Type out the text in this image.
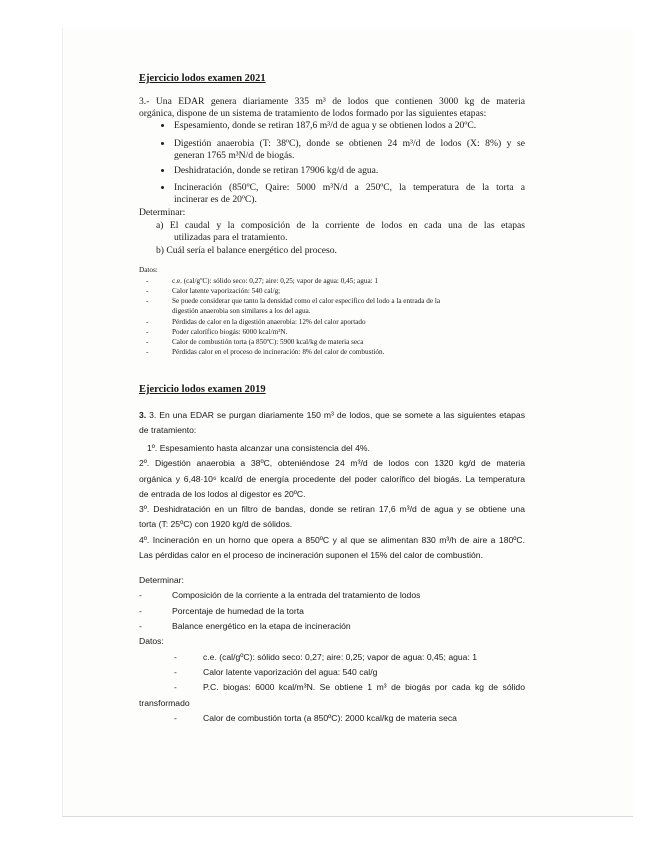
Ejercicio lodos examen 2021
3.- Una EDAR genera diariamente 335 m³ de lodos que contienen 3000 kg de materia
orgánica, dispone de un sistema de tratamiento de lodos formado por las siguientes etapas:
Espesamiento, donde se retiran 187,6 m³/d de agua y se obtienen lodos a 20ºC.
Digestión anaerobia (T: 38ºC), donde se obtienen 24 m³/d de lodos (X: 8%) y se
generan 1765 m³N/d de biogás.
Deshidratación, donde se retiran 17906 kg/d de agua.
Incineración (850ºC, Qaire: 5000 m³N/d a 250ºC, la temperatura de la torta a
incinerar es de 20ºC).
Determinar:
a) El caudal y la composición de la corriente de lodos en cada una de las etapas
utilizadas para el tratamiento.
b) Cuál sería el balance energético del proceso.
Datos:
-	c.e. (cal/gºC): sólido seco: 0,27; aire: 0,25; vapor de agua: 0,45; agua: 1
-	Calor latente vaporización: 540 cal/g;
-	Se puede considerar que tanto la densidad como el calor específico del lodo a la entrada de la
digestión anaerobia son similares a los del agua.
-	Pérdidas de calor en la digestión anaerobia: 12% del calor aportado
-	Poder calorífico biogás: 6000 kcal/m³N.
-	Calor de combustión torta (a 850ºC): 5900 kcal/kg de materia seca
-	Pérdidas calor en el proceso de incineración: 8% del calor de combustión.
Ejercicio lodos examen 2019
3. 3. En una EDAR se purgan diariamente 150 m³ de lodos, que se somete a las siguientes etapas
de tratamiento:
1º. Espesamiento hasta alcanzar una consistencia del 4%.
2º. Digestión anaerobia a 38ºC, obteniéndose 24 m³/d de lodos con 1320 kg/d de materia
orgánica y 6,48·10⁶ kcal/d de energía procedente del poder calorífico del biogás. La temperatura
de entrada de los lodos al digestor es 20ºC.
3º. Deshidratación en un filtro de bandas, donde se retiran 17,6 m³/d de agua y se obtiene una
torta (T: 25ºC) con 1920 kg/d de sólidos.
4º. Incineración en un horno que opera a 850ºC y al que se alimentan 830 m³/h de aire a 180ºC.
Las pérdidas calor en el proceso de incineración suponen el 15% del calor de combustión.
Determinar:
-	Composición de la corriente a la entrada del tratamiento de lodos
-	Porcentaje de humedad de la torta
-	Balance energético en la etapa de incineración
Datos:
-	c.e. (cal/gºC): sólido seco: 0,27; aire: 0,25; vapor de agua: 0,45; agua: 1
-	Calor latente vaporización del agua: 540 cal/g
-	P.C. biogas: 6000 kcal/m³N. Se obtiene 1 m³ de biogás por cada kg de sólido
transformado
-	Calor de combustión torta (a 850ºC): 2000 kcal/kg de materia seca
